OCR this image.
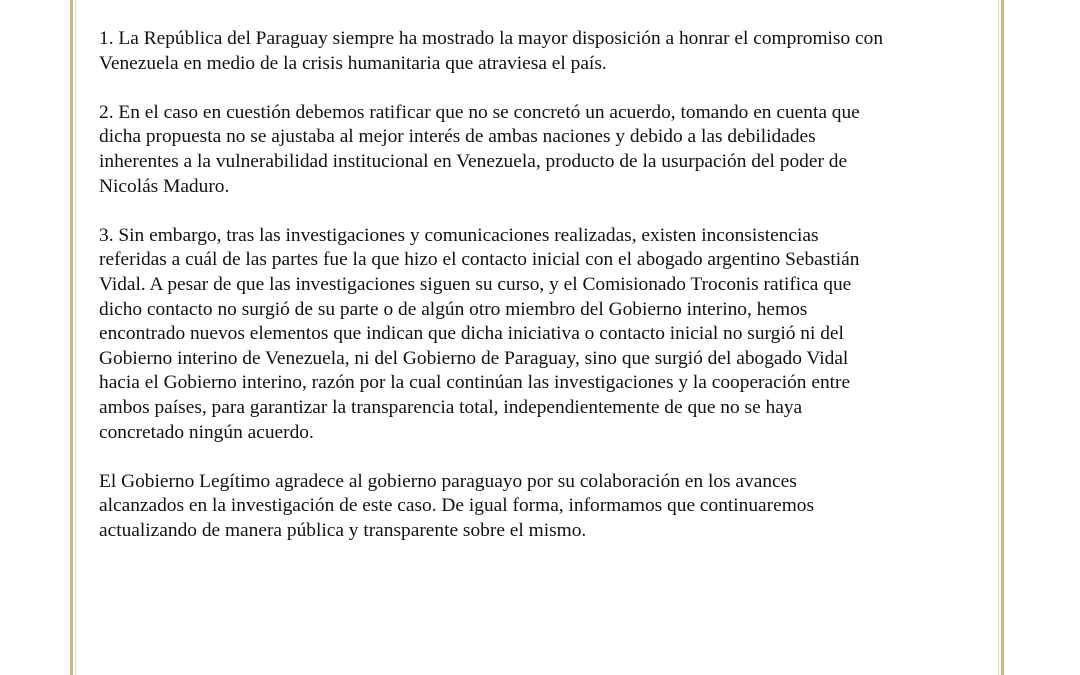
1. La República del Paraguay siempre ha mostrado la mayor disposición a honrar el compromiso con
Venezuela en medio de la crisis humanitaria que atraviesa el país.

2. En el caso en cuestión debemos ratificar que no se concretó un acuerdo, tomando en cuenta que
dicha propuesta no se ajustaba al mejor interés de ambas naciones y debido a las debilidades
inherentes a la vulnerabilidad institucional en Venezuela, producto de la usurpación del poder de
Nicolás Maduro.

3. Sin embargo, tras las investigaciones y comunicaciones realizadas, existen inconsistencias
referidas a cuál de las partes fue la que hizo el contacto inicial con el abogado argentino Sebastián
Vidal. A pesar de que las investigaciones siguen su curso, y el Comisionado Troconis ratifica que
dicho contacto no surgió de su parte o de algún otro miembro del Gobierno interino, hemos
encontrado nuevos elementos que indican que dicha iniciativa o contacto inicial no surgió ni del
Gobierno interino de Venezuela, ni del Gobierno de Paraguay, sino que surgió del abogado Vidal
hacia el Gobierno interino, razón por la cual continúan las investigaciones y la cooperación entre
ambos países, para garantizar la transparencia total, independientemente de que no se haya
concretado ningún acuerdo.

El Gobierno Legítimo agradece al gobierno paraguayo por su colaboración en los avances
alcanzados en la investigación de este caso. De igual forma, informamos que continuaremos
actualizando de manera pública y transparente sobre el mismo.
